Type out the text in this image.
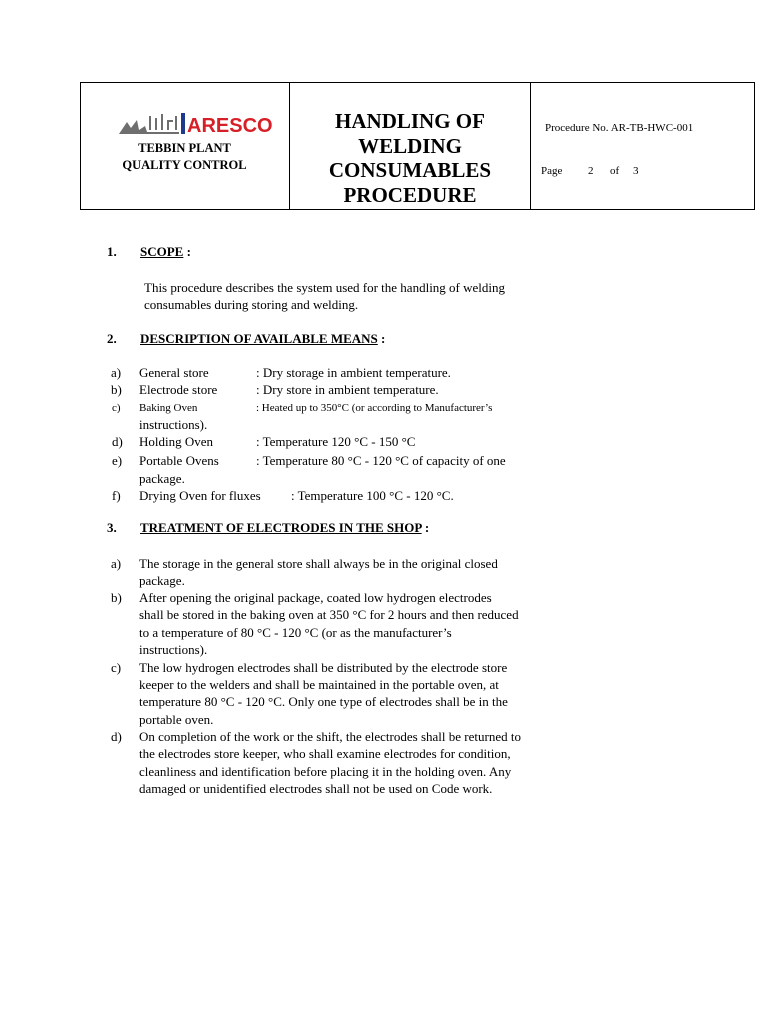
ARESCO
TEBBIN PLANT
QUALITY CONTROL
HANDLING OF
WELDING
CONSUMABLES
PROCEDURE
Procedure No. AR-TB-HWC-001
Page 2 of 3
1. SCOPE :
This procedure describes the system used for the handling of welding
consumables during storing and welding.
2. DESCRIPTION OF AVAILABLE MEANS :
a) General store	: Dry storage in ambient temperature.
b) Electrode store	: Dry store in ambient temperature.
c) Baking Oven	: Heated up to 350°C (or according to Manufacturer’s
instructions).
d) Holding Oven	: Temperature 120 °C - 150 °C
e) Portable Ovens	: Temperature 80 °C - 120 °C of capacity of one
package.
f) Drying Oven for fluxes : Temperature 100 °C - 120 °C.
3. TREATMENT OF ELECTRODES IN THE SHOP :
a) The storage in the general store shall always be in the original closed
package.
b) After opening the original package, coated low hydrogen electrodes
shall be stored in the baking oven at 350 °C for 2 hours and then reduced
to a temperature of 80 °C - 120 °C (or as the manufacturer’s
instructions).
c) The low hydrogen electrodes shall be distributed by the electrode store
keeper to the welders and shall be maintained in the portable oven, at
temperature 80 °C - 120 °C. Only one type of electrodes shall be in the
portable oven.
d) On completion of the work or the shift, the electrodes shall be returned to
the electrodes store keeper, who shall examine electrodes for condition,
cleanliness and identification before placing it in the holding oven. Any
damaged or unidentified electrodes shall not be used on Code work.
